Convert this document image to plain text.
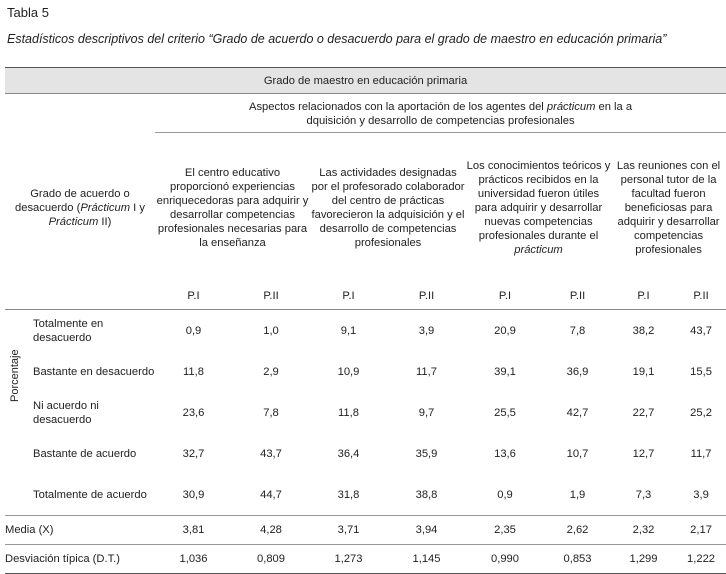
Tabla 5
Estadísticos descriptivos del criterio “Grado de acuerdo o desacuerdo para el grado de maestro en educación primaria”
Grado de maestro en educación primaria									

		Aspectos relacionados con la aportación de los agentes del prácticum en la a
dquisición y desarrollo de competencias profesionales							

Grado de acuerdo o desacuerdo (Prácticum I y Prácticum II)		El centro educativo proporcionó experiencias enriquecedoras para adquirir y desarrollar competencias profesionales necesarias para la enseñanza		Las actividades designadas por el profesorado colaborador del centro de prácticas favorecieron la adquisición y el desarrollo de competencias profesionales		Los conocimientos teóricos y prácticos recibidos en la universidad fueron útiles para adquirir y desarrollar nuevas competencias profesionales durante el prácticum		Las reuniones con el personal tutor de la facultad fueron beneficiosas para adquirir y desarrollar competencias profesionales	
		P.I	P.II	P.I	P.II	P.I	P.II	P.I	P.II

Porcentaje	Totalmente en desacuerdo	0,9	1,0	9,1	3,9	20,9	7,8	38,2	43,7
	Bastante en desacuerdo	11,8	2,9	10,9	11,7	39,1	36,9	19,1	15,5
	Ni acuerdo ni desacuerdo	23,6	7,8	11,8	9,7	25,5	42,7	22,7	25,2
	Bastante de acuerdo	32,7	43,7	36,4	35,9	13,6	10,7	12,7	11,7
	Totalmente de acuerdo	30,9	44,7	31,8	38,8	0,9	1,9	7,3	3,9
Media (X)		3,81	4,28	3,71	3,94	2,35	2,62	2,32	2,17
Desviación típica (D.T.)		1,036	0,809	1,273	1,145	0,990	0,853	1,299	1,222
